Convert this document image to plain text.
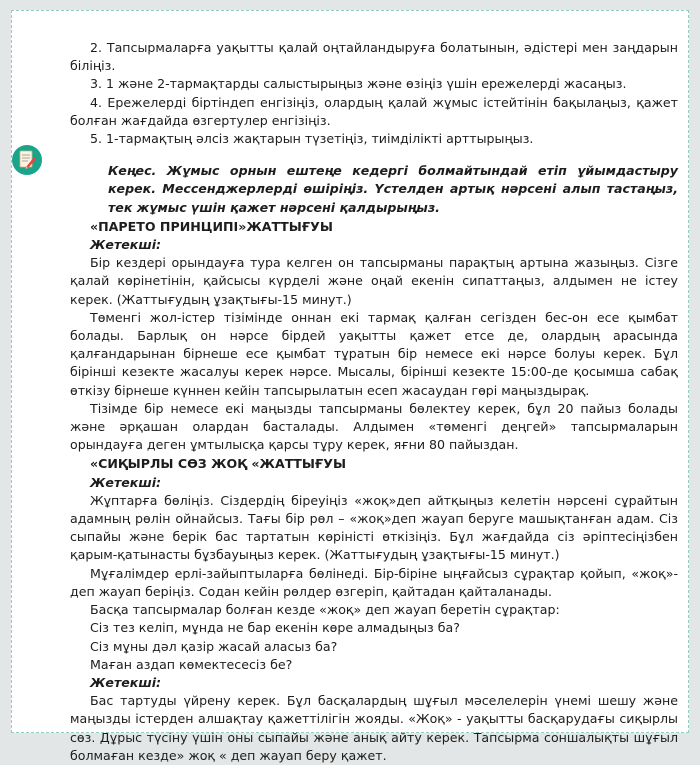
2. Тапсырмаларға уақытты қалай оңтайландыруға болатынын, әдістері мен заңдарын біліңіз.

3. 1 және 2-тармақтарды салыстырыңыз және өзіңіз үшін ережелерді жасаңыз.

4. Ережелерді біртіндеп енгізіңіз, олардың қалай жұмыс істейтінін бақылаңыз, қажет болған жағдайда өзгертулер енгізіңіз.

5. 1-тармақтың әлсіз жақтарын түзетіңіз, тиімділікті арттырыңыз.

Кеңес. Жұмыс орнын ештеңе кедергі болмайтындай етіп ұйымдастыру керек. Мессенджерлерді өшіріңіз. Үстелден артық нәрсені алып тастаңыз, тек жұмыс үшін қажет нәрсені қалдырыңыз.

«ПАРЕТО ПРИНЦИПІ»ЖАТТЫҒУЫ

Жетекші:

Бір кездері орындауға тура келген он тапсырманы парақтың артына жазыңыз. Сізге қалай көрінетінін, қайсысы күрделі және оңай екенін сипаттаңыз, алдымен не істеу керек. (Жаттығудың ұзақтығы-15 минут.)

Төменгі жол-істер тізімінде оннан екі тармақ қалған сегізден бес-он есе қымбат болады. Барлық он нәрсе бірдей уақытты қажет етсе де, олардың арасында қалғандарынан бірнеше есе қымбат тұратын бір немесе екі нәрсе болуы керек. Бұл бірінші кезекте жасалуы керек нәрсе. Мысалы, бірінші кезекте 15:00-де қосымша сабақ өткізу бірнеше күннен кейін тапсырылатын есеп жасаудан гөрі маңыздырақ.

Тізімде бір немесе екі маңызды тапсырманы бөлектеу керек, бұл 20 пайыз болады және әрқашан олардан басталады. Алдымен «төменгі деңгей» тапсырмаларын орындауға деген ұмтылысқа қарсы тұру керек, яғни 80 пайыздан.

«СИҚЫРЛЫ СӨЗ ЖОҚ «ЖАТТЫҒУЫ

Жетекші:

Жұптарға бөліңіз. Сіздердің біреуіңіз «жоқ»деп айтқыңыз келетін нәрсені сұрайтын адамның рөлін ойнайсыз. Тағы бір рөл – «жоқ»деп жауап беруге машықтанған адам. Сіз сыпайы және берік бас тартатын көріністі өткізіңіз. Бұл жағдайда сіз әріптесіңізбен қарым-қатынасты бұзбауыңыз керек. (Жаттығудың ұзақтығы-15 минут.)

Мұғалімдер ерлі-зайыптыларға бөлінеді. Бір-біріне ыңғайсыз сұрақтар қойып, «жоқ»-деп жауап беріңіз. Содан кейін рөлдер өзгеріп, қайтадан қайталанады.

Басқа тапсырмалар болған кезде «жоқ» деп жауап беретін сұрақтар:

Сіз тез келіп, мұнда не бар екенін көре алмадыңыз ба?

Сіз мұны дәл қазір жасай аласыз ба?

Маған аздап көмектесесіз бе?

Жетекші:

Бас тартуды үйрену керек. Бұл басқалардың шұғыл мәселелерін үнемі шешу және маңызды істерден алшақтау қажеттілігін жояды. «Жоқ» - уақытты басқарудағы сиқырлы сөз. Дұрыс түсіну үшін оны сыпайы және анық айту керек. Тапсырма соншалықты шұғыл болмаған кезде» жоқ « деп жауап беру қажет.
